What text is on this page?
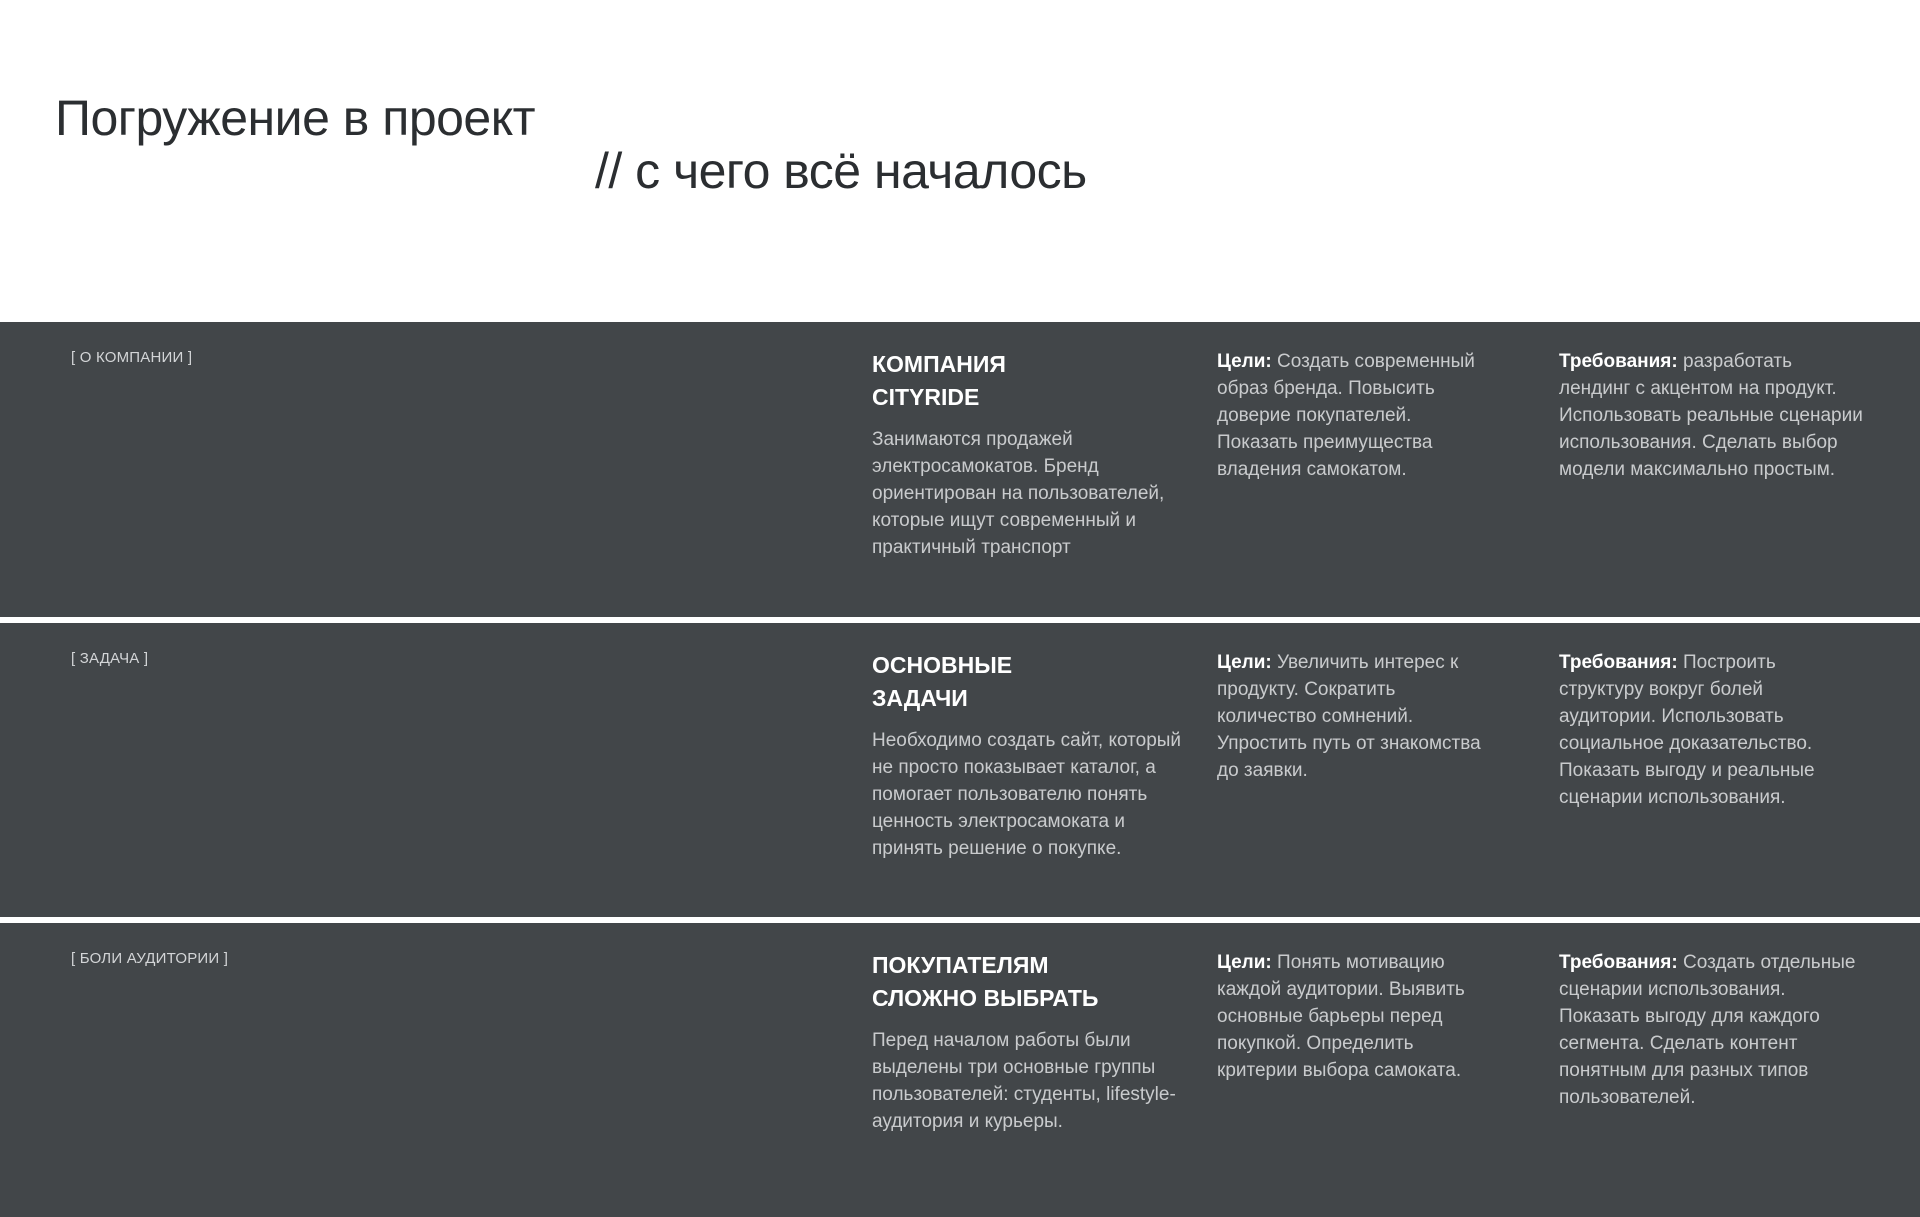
Погружение в проект
// с чего всё началось
[ О КОМПАНИИ ]	КОМПАНИЯ
CITYRIDE
Занимаются продажей электросамокатов. Бренд ориентирован на пользователей, которые ищут современный и практичный транспорт

Цели: Создать современный образ бренда. Повысить доверие покупателей. Показать преимущества владения самокатом.

Требования: разработать лендинг с акцентом на продукт. Использовать реальные сценарии использования. Сделать выбор модели максимально простым.

[ ЗАДАЧА ]	ОСНОВНЫЕ
ЗАДАЧИ
Необходимо создать сайт, который не просто показывает каталог, а помогает пользователю понять ценность электросамоката и принять решение о покупке.

Цели: Увеличить интерес к продукту. Сократить количество сомнений. Упростить путь от знакомства до заявки.

Требования: Построить структуру вокруг болей аудитории. Использовать социальное доказательство. Показать выгоду и реальные сценарии использования.

[ БОЛИ АУДИТОРИИ ]	ПОКУПАТЕЛЯМ
СЛОЖНО ВЫБРАТЬ
Перед началом работы были выделены три основные группы пользователей: студенты, lifestyle-аудитория и курьеры.

Цели: Понять мотивацию каждой аудитории. Выявить основные барьеры перед покупкой. Определить критерии выбора самоката.

Требования: Создать отдельные сценарии использования. Показать выгоду для каждого сегмента. Сделать контент понятным для разных типов пользователей.
